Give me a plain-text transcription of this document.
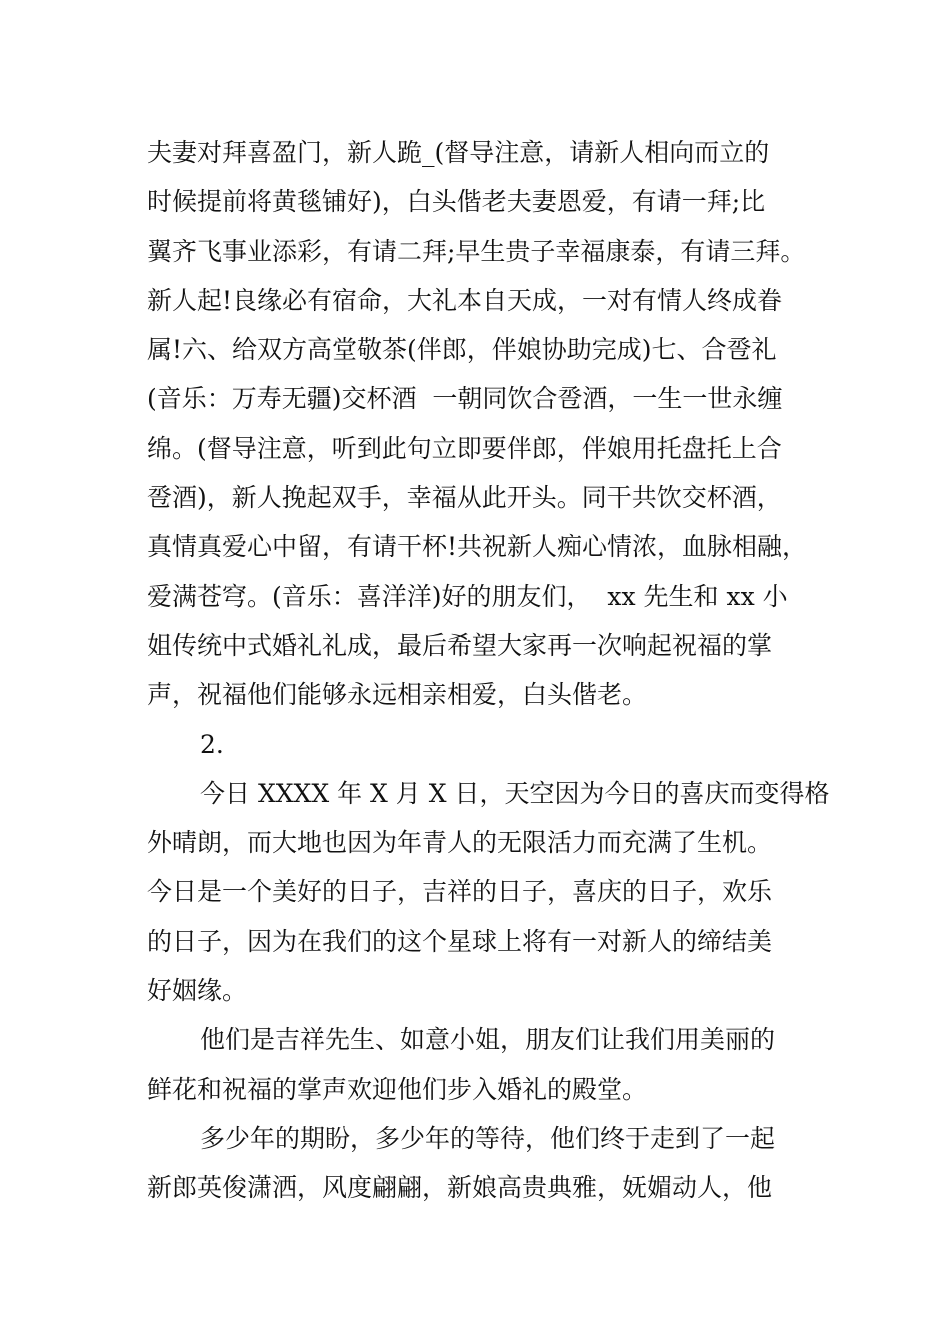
夫妻对拜喜盈门，新人跪_(督导注意，请新人相向而立的
时候提前将黄毯铺好)，白头偕老夫妻恩爱，有请一拜;比
翼齐飞事业添彩，有请二拜;早生贵子幸福康泰，有请三拜。
新人起!良缘必有宿命，大礼本自天成，一对有情人终成眷
属!六、给双方高堂敬茶(伴郎，伴娘协助完成)七、合卺礼
(音乐：万寿无疆)交杯酒  一朝同饮合卺酒，一生一世永缠
绵。(督导注意，听到此句立即要伴郎，伴娘用托盘托上合
卺酒)，新人挽起双手，幸福从此开头。同干共饮交杯酒，
真情真爱心中留，有请干杯!共祝新人痴心情浓，血脉相融，
爱满苍穹。(音乐：喜洋洋)好的朋友们，  xx 先生和 xx 小
姐传统中式婚礼礼成，最后希望大家再一次响起祝福的掌
声，祝福他们能够永远相亲相爱，白头偕老。
2.
今日 XXXX 年 X 月 X 日，天空因为今日的喜庆而变得格
外晴朗，而大地也因为年青人的无限活力而充满了生机。
今日是一个美好的日子，吉祥的日子，喜庆的日子，欢乐
的日子，因为在我们的这个星球上将有一对新人的缔结美
好姻缘。
他们是吉祥先生、如意小姐，朋友们让我们用美丽的
鲜花和祝福的掌声欢迎他们步入婚礼的殿堂。
多少年的期盼，多少年的等待，他们终于走到了一起
新郎英俊潇洒，风度翩翩，新娘高贵典雅，妩媚动人，他
